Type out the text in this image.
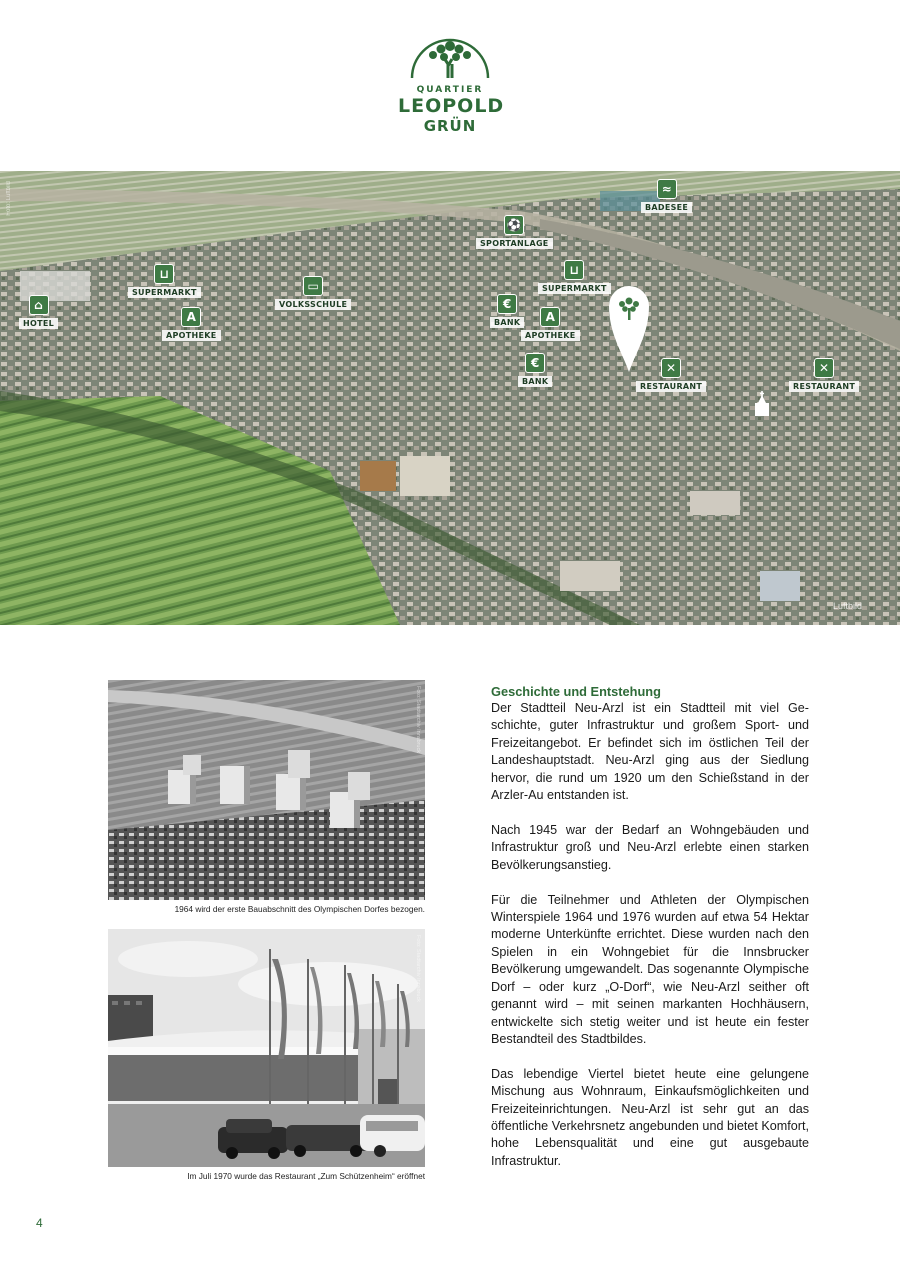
QUARTIER
LEOPOLD
GRÜN
Foto: Luftbild	≈
BADESEE
⚽
SPORTANLAGE
⊔
SUPERMARKT
⊔
SUPERMARKT
▭
VOLKSSCHULE
⌂
HOTEL	A
APOTHEKE
A
APOTHEKE
€
BANK
€
BANK
✕
RESTAURANT
✕
RESTAURANT
Luftbild
Foto: Stadtarchiv Innsbruck
1964 wird der erste Bauabschnitt des Olympischen Dorfes bezogen.
Foto: Stadtarchiv Innsbruck
Im Juli 1970 wurde das Restaurant „Zum Schützenheim“ eröffnet
Geschichte und Entstehung

Der Stadtteil Neu-Arzl ist ein Stadtteil mit viel Geschichte, guter Infrastruktur und großem Sport- und Freizeitangebot. Er befindet sich im östlichen Teil der Landeshauptstadt. Neu-Arzl ging aus der Siedlung hervor, die rund um 1920 um den Schießstand in der Arzler-Au entstanden ist.

Nach 1945 war der Bedarf an Wohngebäuden und Infrastruktur groß und Neu-Arzl erlebte einen starken Bevölkerungsanstieg.

Für die Teilnehmer und Athleten der Olympischen Winterspiele 1964 und 1976 wurden auf etwa 54 Hektar moderne Unterkünfte errichtet. Diese wurden nach den Spielen in ein Wohngebiet für die Innsbrucker Bevölkerung umgewandelt. Das sogenannte Olympische Dorf – oder kurz „O-Dorf“, wie Neu-Arzl seither oft genannt wird – mit seinen markanten Hochhäusern, entwickelte sich stetig weiter und ist heute ein fester Bestandteil des Stadtbildes.

Das lebendige Viertel bietet heute eine gelungene Mischung aus Wohnraum, Einkaufsmöglichkeiten und Freizeiteinrichtungen. Neu-Arzl ist sehr gut an das öffentliche Verkehrsnetz angebunden und bietet Komfort, hohe Lebensqualität und eine gut ausgebaute Infrastruktur.

4
